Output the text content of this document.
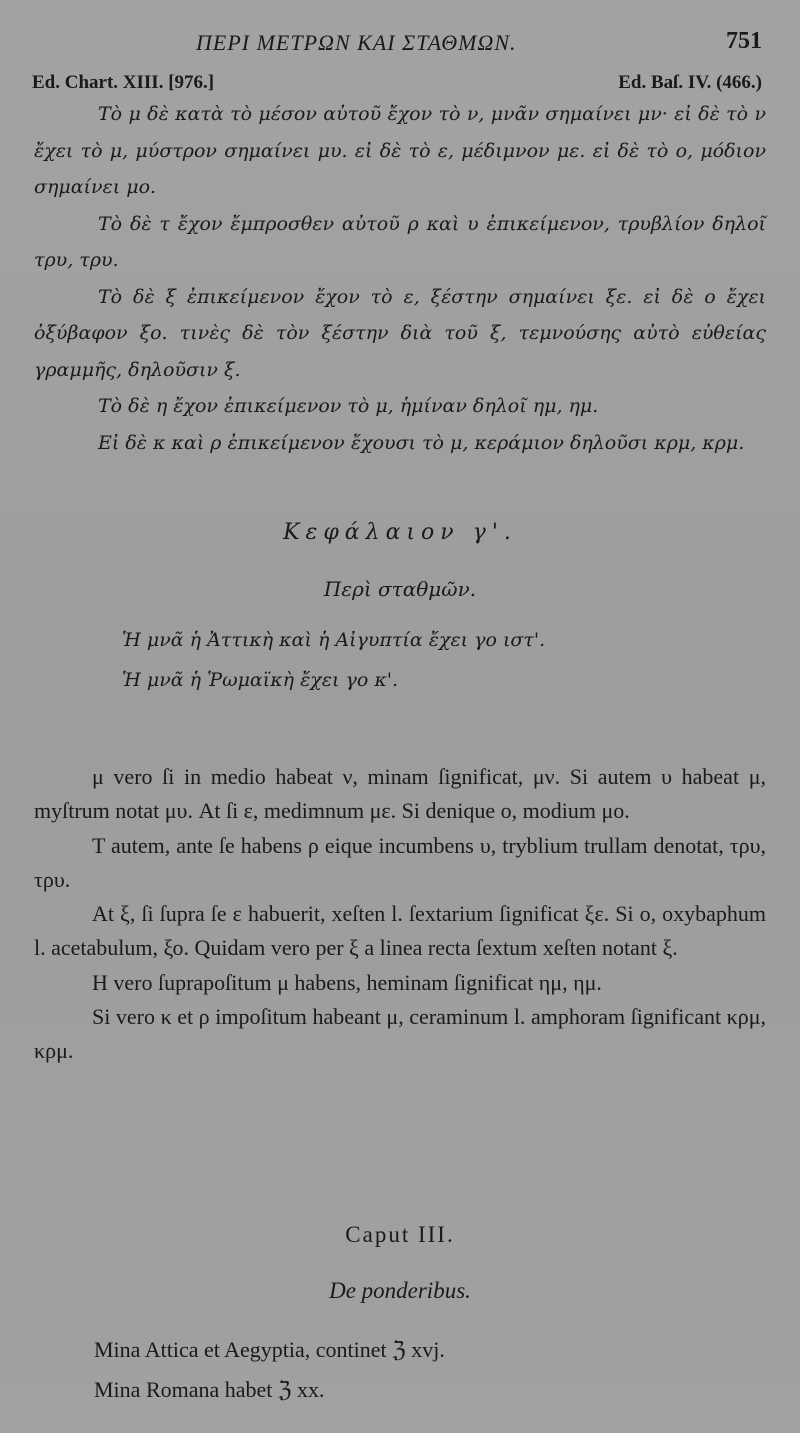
ΠΕΡΙ ΜΕΤΡΩΝ ΚΑΙ ΣΤΑΘΜΩΝ.	751
Ed. Chart. XIII. [976.]	Ed. Baſ. IV. (466.)

Τὸ μ δὲ κατὰ τὸ μέσον αὐτοῦ ἔχον τὸ ν, μνᾶν σημαίνει μν· εἰ δὲ τὸ ν ἔχει τὸ μ, μύστρον σημαίνει μυ. εἰ δὲ τὸ ε, μέδιμνον με. εἰ δὲ τὸ ο, μόδιον σημαίνει μο.

Τὸ δὲ τ ἔχον ἔμπροσθεν αὐτοῦ ρ καὶ υ ἐπικείμενον, τρυβλίον δηλοῖ τρυ, τρυ.

Τὸ δὲ ξ ἐπικείμενον ἔχον τὸ ε, ξέστην σημαίνει ξε. εἰ δὲ ο ἔχει ὀξύβαφον ξο. τινὲς δὲ τὸν ξέστην διὰ τοῦ ξ, τεμνούσης αὐτὸ εὐθείας γραμμῆς, δηλοῦσιν ξ.

Τὸ δὲ η ἔχον ἐπικείμενον τὸ μ, ἡμίναν δηλοῖ ημ, ημ.

Εἰ δὲ κ καὶ ρ ἐπικείμενον ἔχουσι τὸ μ, κεράμιον δηλοῦσι κρμ, κρμ.

Κεφάλαιον γ'.
Περὶ σταθμῶν.

Ἡ μνᾶ ἡ Ἀττικὴ καὶ ἡ Αἰγυπτία ἔχει γο ιστ'.

Ἡ μνᾶ ἡ Ῥωμαϊκὴ ἔχει γο κ'.

μ vero ſi in medio habeat ν, minam ſignificat, μν. Si autem υ habeat μ, myſtrum notat μυ. At ſi ε, medimnum με. Si denique ο, modium μο.

Τ autem, ante ſe habens ρ eique incumbens υ, tryblium trullam denotat, τρυ, τρυ.

At ξ, ſi ſupra ſe ε habuerit, xeſten l. ſextarium ſignificat ξε. Si ο, oxybaphum l. acetabulum, ξο. Quidam vero per ξ a linea recta ſextum xeſten notant ξ.

Η vero ſuprapoſitum μ habens, heminam ſignificat ημ, ημ.

Si vero κ et ρ impoſitum habeant μ, ceraminum l. amphoram ſignificant κρμ, κρμ.

Caput III.
De ponderibus.

Mina Attica et Aegyptia, continet ℨ xvj.

Mina Romana habet ℨ xx.
